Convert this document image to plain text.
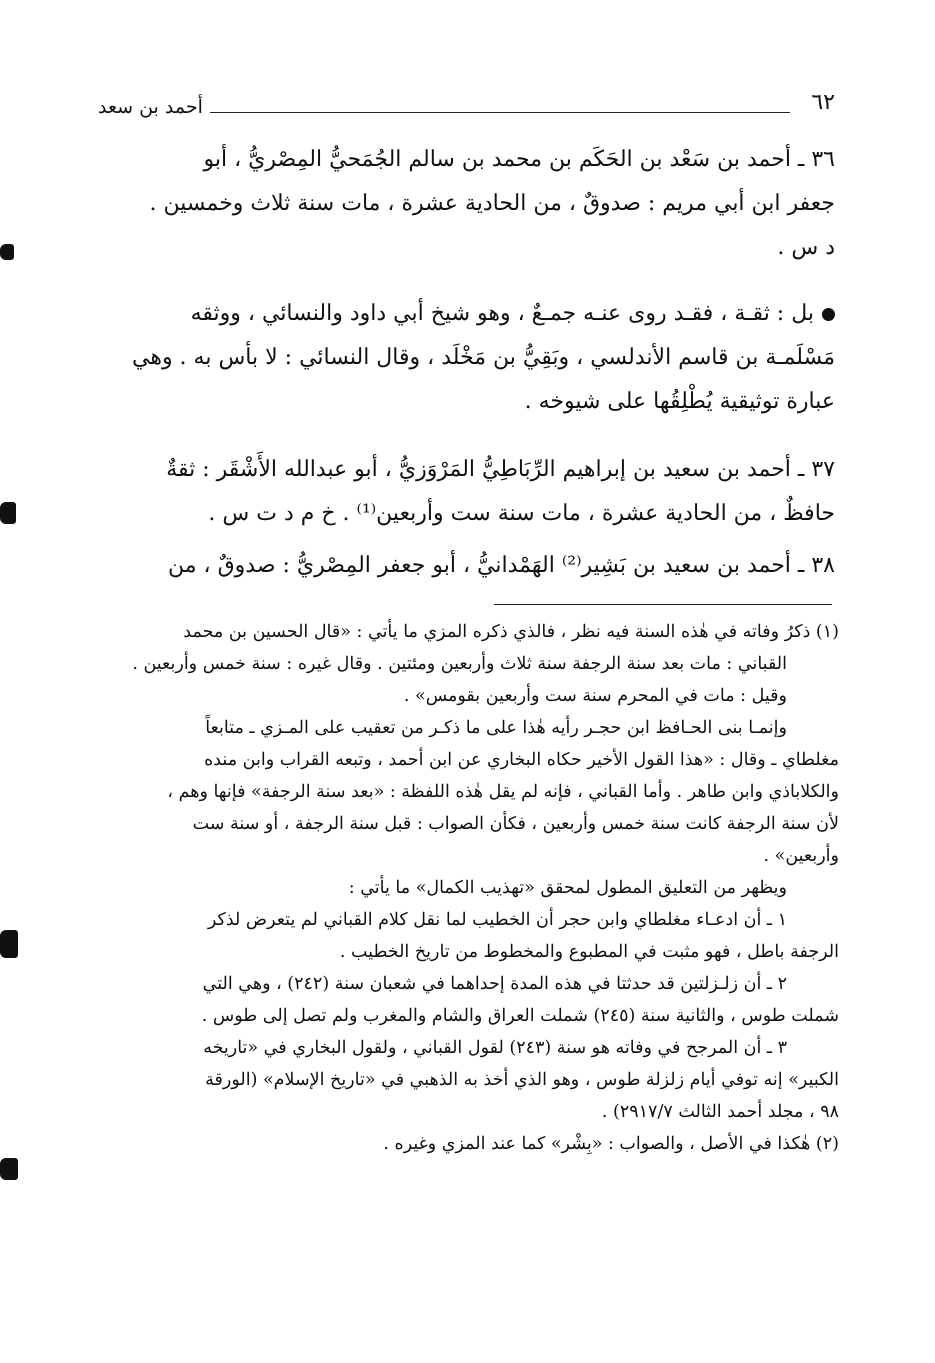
٦٢
أحمد بن سعد
٣٦ ـ أحمد بن سَعْد بن الحَكَم بن محمد بن سالم الجُمَحيُّ المِصْريُّ ، أبو
جعفر ابن أبي مريم : صدوقٌ ، من الحادية عشرة ، مات سنة ثلاث وخمسين .
د س .
بل : ثقـة ، فقـد روى عنـه جمـعٌ ، وهو شيخ أبي داود والنسائي ، ووثقه
مَسْلَمـة بن قاسم الأندلسي ، وبَقِيُّ بن مَخْلَد ، وقال النسائي : لا بأس به . وهي
عبارة توثيقية يُطْلِقُها على شيوخه .
٣٧ ـ أحمد بن سعيد بن إبراهيم الرِّبَاطِيُّ المَرْوَزيُّ ، أبو عبدالله الأَشْقَر : ثقةٌ
حافظٌ ، من الحادية عشرة ، مات سنة ست وأربعين⁽¹⁾ . خ م د ت س .
٣٨ ـ أحمد بن سعيد بن بَشِير⁽²⁾ الهَمْدانيُّ ، أبو جعفر المِصْريُّ : صدوقٌ ، من
(١) ذكرُ وفاته في هٰذه السنة فيه نظر ، فالذي ذكره المزي ما يأتي : «قال الحسين بن محمد
القباني : مات بعد سنة الرجفة سنة ثلاث وأربعين ومئتين . وقال غيره : سنة خمس وأربعين .
وقيل : مات في المحرم سنة ست وأربعين بقومس» .
وإنمـا بنى الحـافظ ابن حجـر رأيه هٰذا على ما ذكـر من تعقيب على المـزي ـ متابعاً
مغلطاي ـ وقال : «هذا القول الأخير حكاه البخاري عن ابن أحمد ، وتبعه القراب وابن منده
والكلاباذي وابن طاهر . وأما القباني ، فإنه لم يقل هٰذه اللفظة : «بعد سنة الرجفة» فإنها وهم ،
لأن سنة الرجفة كانت سنة خمس وأربعين ، فكأن الصواب : قبل سنة الرجفة ، أو سنة ست
وأربعين» .
ويظهر من التعليق المطول لمحقق «تهذيب الكمال» ما يأتي :
١ ـ أن ادعـاء مغلطاي وابن حجر أن الخطيب لما نقل كلام القباني لم يتعرض لذكر
الرجفة باطل ، فهو مثبت في المطبوع والمخطوط من تاريخ الخطيب .
٢ ـ أن زلـزلتين قد حدثتا في هذه المدة إحداهما في شعبان سنة (٢٤٢) ، وهي التي
شملت طوس ، والثانية سنة (٢٤٥) شملت العراق والشام والمغرب ولم تصل إلى طوس .
٣ ـ أن المرجح في وفاته هو سنة (٢٤٣) لقول القباني ، ولقول البخاري في «تاريخه
الكبير» إنه توفي أيام زلزلة طوس ، وهو الذي أخذ به الذهبي في «تاريخ الإسلام» (الورقة
٩٨ ، مجلد أحمد الثالث ٢٩١٧/٧) .
(٢) هٰكذا في الأصل ، والصواب : «بِشْر» كما عند المزي وغيره .
